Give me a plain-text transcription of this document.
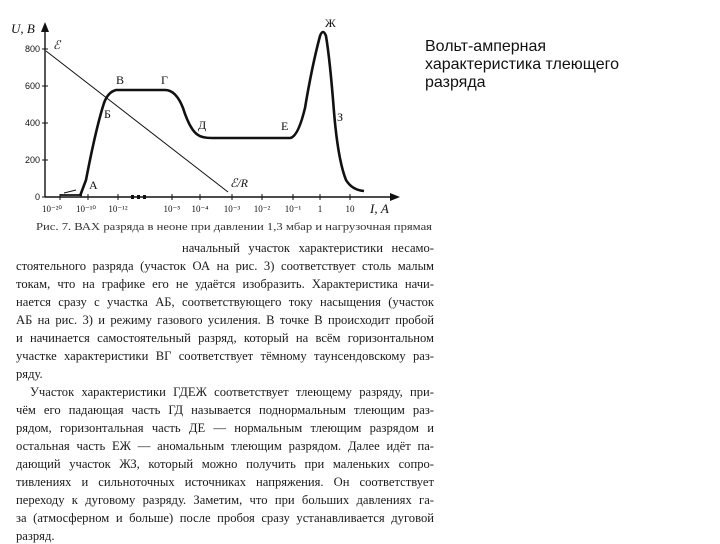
Вольт-амперная
характеристика тлеющего
разряда
0
200
400
600
800
U, В
10⁻²⁰ 10⁻¹⁰ 10⁻¹²	10⁻⁵ 10⁻⁴ 10⁻³ 10⁻² 10⁻¹ 1	10 I, А
А
Б
В	Г
Д	Е
Ж
З
ℰ
ℰ/R
Рис. 7. ВАХ разряда в неоне при давлении 1,3 мбар и нагрузочная прямая
начальный участок характеристики несамо-
стоятельного разряда (участок ОА на рис. 3) соответствует столь малым
токам, что на графике его не удаётся изобразить. Характеристика начи-
нается сразу с участка АБ, соответствующего току насыщения (участок
АБ на рис. 3) и режиму газового усиления. В точке В происходит пробой
и начинается самостоятельный разряд, который на всём горизонтальном
участке характеристики ВГ соответствует тёмному таунсендовскому раз-
ряду.
Участок характеристики ГДЕЖ соответствует тлеющему разряду, при-
чём его падающая часть ГД называется поднормальным тлеющим раз-
рядом, горизонтальная часть ДЕ — нормальным тлеющим разрядом и
остальная часть ЕЖ — аномальным тлеющим разрядом. Далее идёт па-
дающий участок ЖЗ, который можно получить при маленьких сопро-
тивлениях и сильноточных источниках напряжения. Он соответствует
переходу к дуговому разряду. Заметим, что при больших давлениях га-
за (атмосферном и больше) после пробоя сразу устанавливается дуговой
разряд.
